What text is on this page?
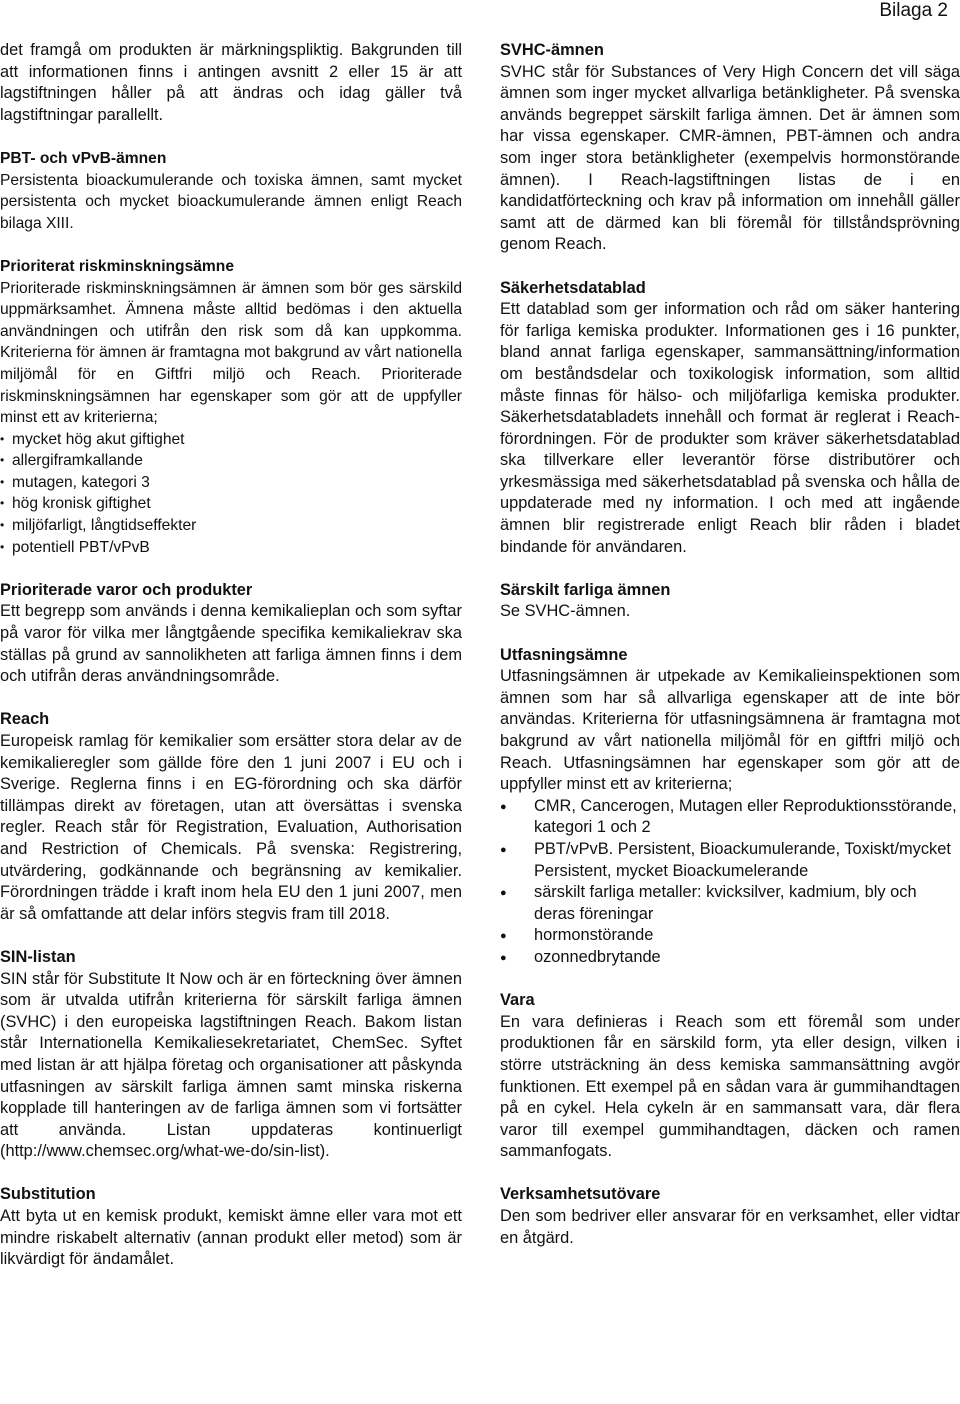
Bilaga 2

det framgå om produkten är märkningspliktig. Bakgrunden till att informationen finns i antingen avsnitt 2 eller 15 är att lagstiftningen håller på att ändras och idag gäller två lagstiftningar parallellt.

PBT- och vPvB-ämnen

Persistenta bioackumulerande och toxiska ämnen, samt mycket persistenta och mycket bioackumulerande ämnen enligt Reach bilaga XIII.

Prioriterat riskminskningsämne

Prioriterade riskminskningsämnen är ämnen som bör ges särskild uppmärksamhet. Ämnena måste alltid bedömas i den aktuella användningen och utifrån den risk som då kan uppkomma. Kriterierna för ämnen är framtagna mot bakgrund av vårt nationella miljömål för en Giftfri miljö och Reach. Prioriterade riskminskningsämnen har egenskaper som gör att de uppfyller minst ett av kriterierna;

• mycket hög akut giftighet
• allergiframkallande
• mutagen, kategori 3
• hög kronisk giftighet
• miljöfarligt, långtidseffekter
• potentiell PBT/vPvB
Prioriterade varor och produkter

Ett begrepp som används i denna kemikalieplan och som syftar på varor för vilka mer långtgående specifika kemikaliekrav ska ställas på grund av sannolikheten att farliga ämnen finns i dem och utifrån deras användningsområde.

Reach

Europeisk ramlag för kemikalier som ersätter stora delar av de kemikalieregler som gällde före den 1 juni 2007 i EU och i Sverige. Reglerna finns i en EG-förordning och ska därför tillämpas direkt av företagen, utan att översättas i svenska regler. Reach står för Registration, Evaluation, Authorisation and Restriction of Chemicals. På svenska: Registrering, utvärdering, godkännande och begränsning av kemikalier. Förordningen trädde i kraft inom hela EU den 1 juni 2007, men är så omfattande att delar införs stegvis fram till 2018.

SIN-listan

SIN står för Substitute It Now och är en förteckning över ämnen som är utvalda utifrån kriterierna för särskilt farliga ämnen (SVHC) i den europeiska lagstiftningen Reach. Bakom listan står Internationella Kemikaliesekretariatet, ChemSec. Syftet med listan är att hjälpa företag och organisationer att påskynda utfasningen av särskilt farliga ämnen samt minska riskerna kopplade till hanteringen av de farliga ämnen som vi fortsätter att använda. Listan uppdateras kontinuerligt (http://www.chemsec.org/what-we-do/sin-list).

Substitution

Att byta ut en kemisk produkt, kemiskt ämne eller vara mot ett mindre riskabelt alternativ (annan produkt eller metod) som är likvärdigt för ändamålet.

SVHC-ämnen

SVHC står för Substances of Very High Concern det vill säga ämnen som inger mycket allvarliga betänkligheter. På svenska används begreppet särskilt farliga ämnen. Det är ämnen som har vissa egenskaper. CMR-ämnen, PBT-ämnen och andra som inger stora betänkligheter (exempelvis hormonstörande ämnen). I Reach-lagstiftningen listas de i en kandidatförteckning och krav på information om innehåll gäller samt att de därmed kan bli föremål för tillståndsprövning genom Reach.

Säkerhetsdatablad

Ett datablad som ger information och råd om säker hantering för farliga kemiska produkter. Informationen ges i 16 punkter, bland annat farliga egenskaper, sammansättning/information om beståndsdelar och toxikologisk information, som alltid måste finnas för hälso- och miljöfarliga kemiska produkter. Säkerhetsdatabladets innehåll och format är reglerat i Reach-förordningen. För de produkter som kräver säkerhetsdatablad ska tillverkare eller leverantör förse distributörer och yrkesmässiga med säkerhetsdatablad på svenska och hålla de uppdaterade med ny information. I och med att ingående ämnen blir registrerade enligt Reach blir råden i bladet bindande för användaren.

Särskilt farliga ämnen

Se SVHC-ämnen.

Utfasningsämne

Utfasningsämnen är utpekade av Kemikalieinspektionen som ämnen som har så allvarliga egenskaper att de inte bör användas. Kriterierna för utfasningsämnena är framtagna mot bakgrund av vårt nationella miljömål för en giftfri miljö och Reach. Utfasningsämnen har egenskaper som gör att de uppfyller minst ett av kriterierna;

● CMR, Cancerogen, Mutagen eller Reproduktionsstörande, kategori 1 och 2
● PBT/vPvB. Persistent, Bioackumulerande, Toxiskt/mycket Persistent, mycket Bioackumelerande
● särskilt farliga metaller: kvicksilver, kadmium, bly och deras föreningar
● hormonstörande
● ozonnedbrytande
Vara

En vara definieras i Reach som ett föremål som under produktionen får en särskild form, yta eller design, vilken i större utsträckning än dess kemiska sammansättning avgör funktionen. Ett exempel på en sådan vara är gummihandtagen på en cykel. Hela cykeln är en sammansatt vara, där flera varor till exempel gummihandtagen, däcken och ramen sammanfogats.

Verksamhetsutövare

Den som bedriver eller ansvarar för en verksamhet, eller vidtar en åtgärd.
